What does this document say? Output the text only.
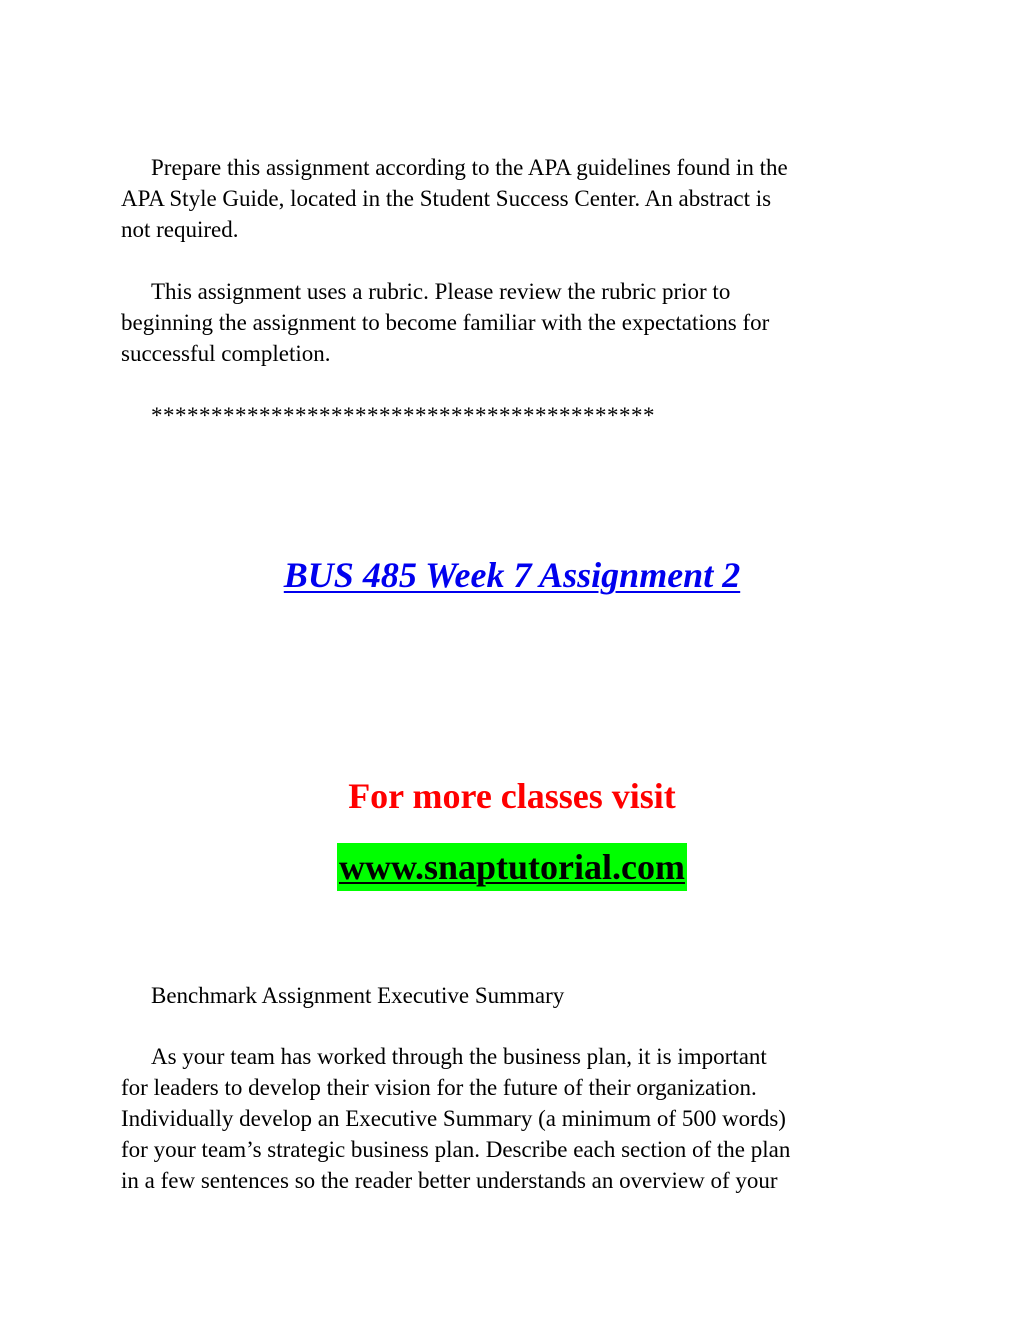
Prepare this assignment according to the APA guidelines found in the
APA Style Guide, located in the Student Success Center. An abstract is
not required.

This assignment uses a rubric. Please review the rubric prior to
beginning the assignment to become familiar with the expectations for
successful completion.

******************************************

BUS 485 Week 7 Assignment 2

For more classes visit

www.snaptutorial.com

Benchmark Assignment Executive Summary

As your team has worked through the business plan, it is important
for leaders to develop their vision for the future of their organization.
Individually develop an Executive Summary (a minimum of 500 words)
for your team’s strategic business plan. Describe each section of the plan
in a few sentences so the reader better understands an overview of your
